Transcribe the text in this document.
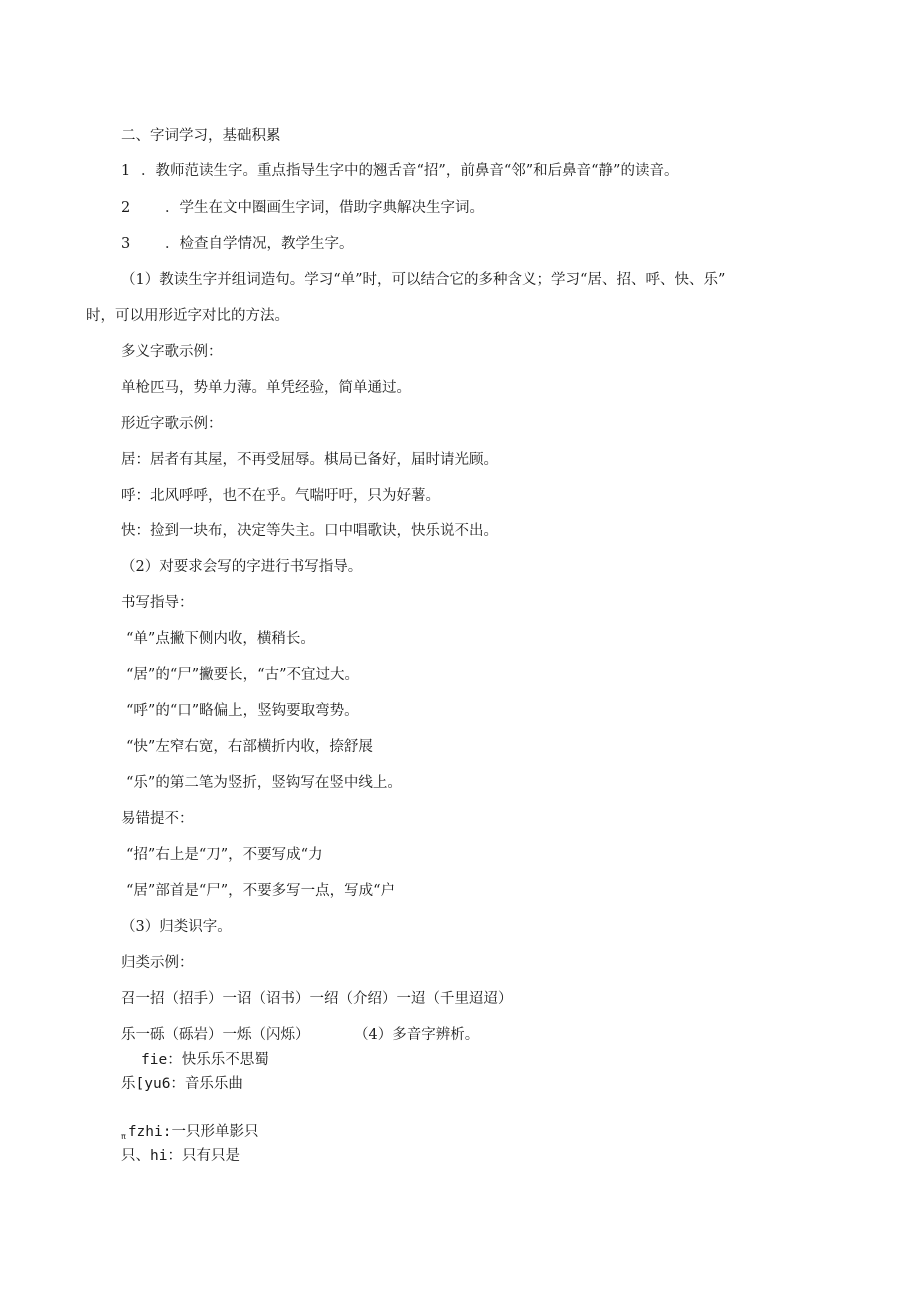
二、字词学习，基础积累
1 ．教师范读生字。重点指导生字中的翘舌音“招”，前鼻音“邻”和后鼻音“静”的读音。
2 ．学生在文中圈画生字词，借助字典解决生字词。
3 ．检查自学情况，教学生字。
（1）教读生字并组词造句。学习“单”时，可以结合它的多种含义；学习“居、招、呼、快、乐”
时，可以用形近字对比的方法。
多义字歌示例：
单枪匹马，势单力薄。单凭经验，简单通过。
形近字歌示例：
居：居者有其屋，不再受屈辱。棋局已备好，届时请光顾。
呼：北风呼呼，也不在乎。气喘吁吁，只为好薯。
快：捡到一块布，决定等失主。口中唱歌诀，快乐说不出。
（2）对要求会写的字进行书写指导。
书写指导：
“单”点撇下侧内收，横稍长。
“居”的“尸”撇要长，“古”不宜过大。
“呼”的“口”略偏上，竖钩要取弯势。
“快”左窄右宽，右部横折内收，捺舒展
“乐”的第二笔为竖折，竖钩写在竖中线上。
易错提不：
“招”右上是“刀”，不要写成“力
“居”部首是“尸”，不要多写一点，写成“户
（3）归类识字。
归类示例：
召一招（招手）一诏（诏书）一绍（介绍）一迢（千里迢迢）
乐一砾（砾岩）一烁（闪烁）	（4）多音字辨析。
fie：快乐乐不思蜀
乐[yu6：音乐乐曲
$_\pi$ fzhi:一只形单影只
只、hi：只有只是
